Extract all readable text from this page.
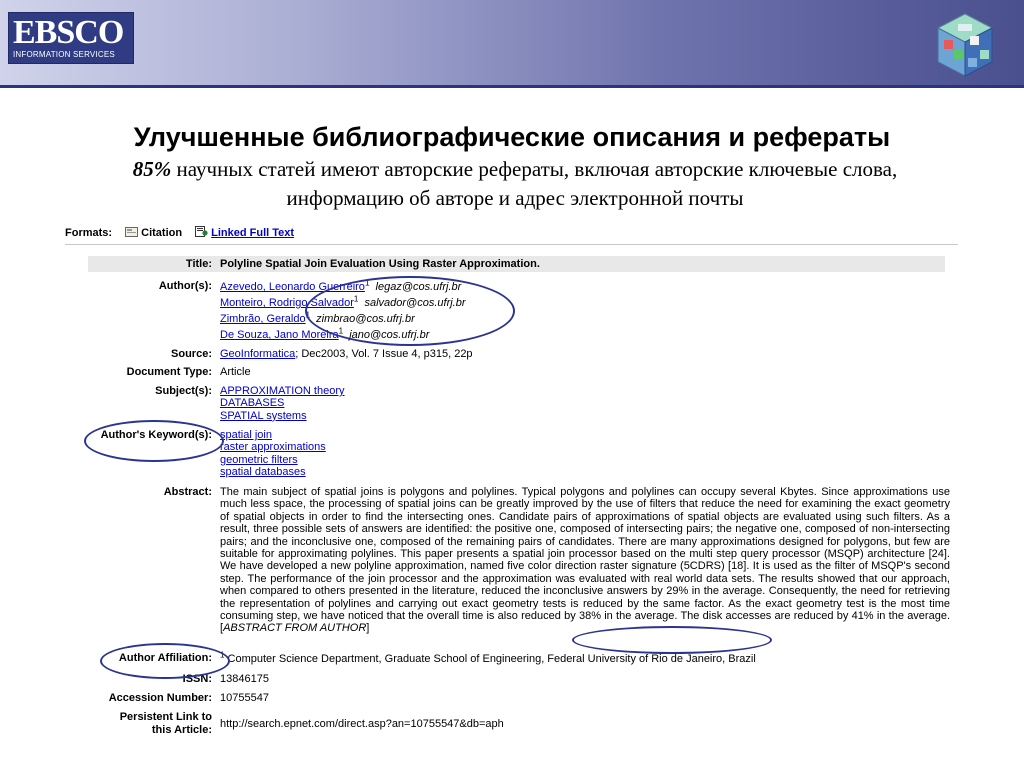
EBSCO
INFORMATION SERVICES
Улучшенные библиографические описания и рефераты
85% научных статей имеют авторские рефераты, включая авторские ключевые слова,
информацию об авторе и адрес электронной почты
Formats:	Citation	Linked Full Text
Title: Polyline Spatial Join Evaluation Using Raster Approximation.
Author(s): Azevedo, Leonardo Guerreiro$^1$ legaz@cos.ufrj.br
Monteiro, Rodrigo Salvador$^1$ salvador@cos.ufrj.br
Zimbrão, Geraldo$^1$ zimbrao@cos.ufrj.br
De Souza, Jano Moreira$^1$ jano@cos.ufrj.br
Source: GeoInformatica; Dec2003, Vol. 7 Issue 4, p315, 22p
Document Type: Article
Subject(s): APPROXIMATION theory
DATABASES
SPATIAL systems
Author's Keyword(s): spatial join
raster approximations
geometric filters
spatial databases
Abstract: The main subject of spatial joins is polygons and polylines. Typical polygons and polylines can occupy several Kbytes. Since approximations use much less space, the processing of spatial joins can be greatly improved by the use of filters that reduce the need for examining the exact geometry of spatial objects in order to find the intersecting ones. Candidate pairs of approximations of spatial objects are evaluated using such filters. As a result, three possible sets of answers are identified: the positive one, composed of intersecting pairs; the negative one, composed of non-intersecting pairs; and the inconclusive one, composed of the remaining pairs of candidates. There are many approximations designed for polygons, but few are suitable for approximating polylines. This paper presents a spatial join processor based on the multi step query processor (MSQP) architecture [24]. We have developed a new polyline approximation, named five color direction raster signature (5CDRS) [18]. It is used as the filter of MSQP's second step. The performance of the join processor and the approximation was evaluated with real world data sets. The results showed that our approach, when compared to others presented in the literature, reduced the inconclusive answers by 29% in the average. Consequently, the need for retrieving the representation of polylines and carrying out exact geometry tests is reduced by the same factor. As the exact geometry test is the most time consuming step, we have noticed that the overall time is also reduced by 38% in the average. The disk accesses are reduced by 41% in the average. [ABSTRACT FROM AUTHOR]
Author Affiliation: $^1$ Computer Science Department, Graduate School of Engineering, Federal University of Rio de Janeiro, Brazil
ISSN: 13846175
Accession Number: 10755547
Persistent Link to
this Article: http://search.epnet.com/direct.asp?an=10755547&db=aph
